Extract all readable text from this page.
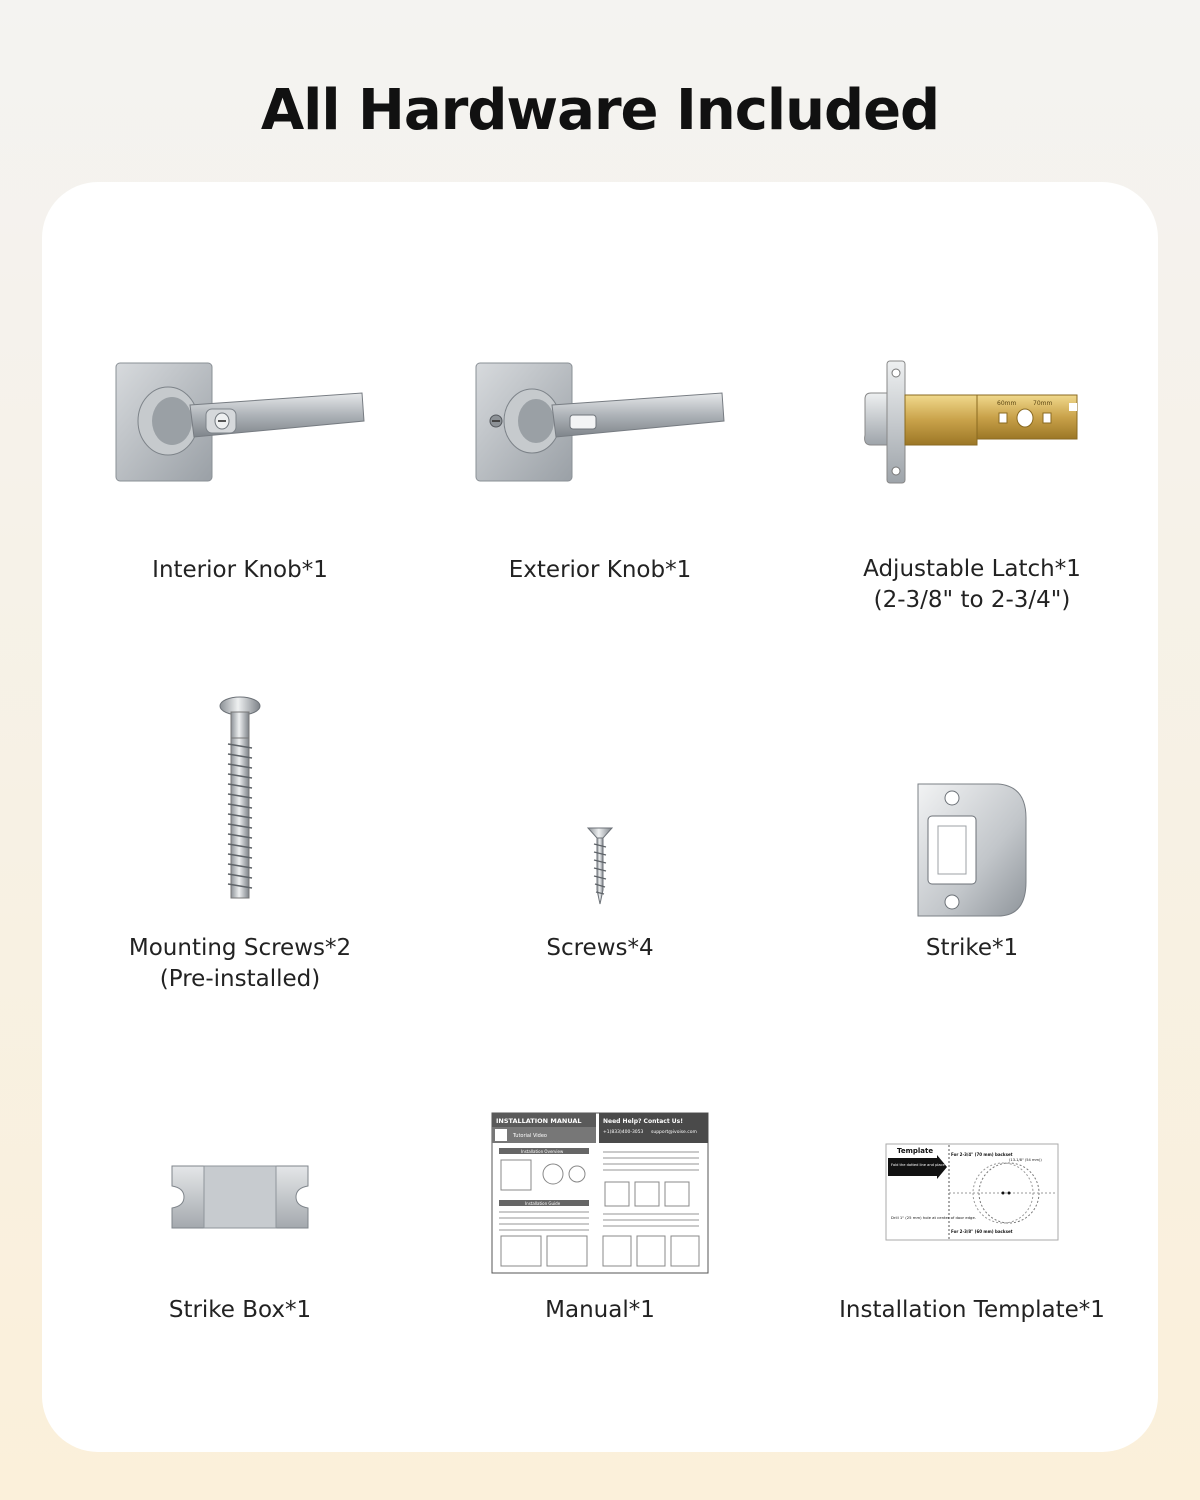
All Hardware Included
Interior Knob*1	Exterior Knob*1
60mm	70mm
Adjustable Latch*1
(2-3/8" to 2-3/4")
Mounting Screws*2
(Pre-installed)
Screws*4	Strike*1
Strike Box*1
INSTALLATION MANUAL	Need Help? Contact Us!
+1(833)400-3053 support@ivoise.com
Tutorial Video
Installation Overview
Installation Guide
Manual*1
Template
Fold the dotted line and place on the door edge.
For 2-3/4" (70 mm) backset
(13-1/8" (54 mm))
Drill 1" (25 mm) hole at center of door edge.
For 2-3/8" (60 mm) backset
Installation Template*1
